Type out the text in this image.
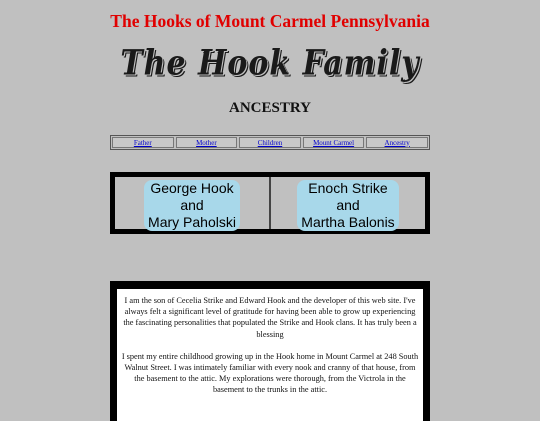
The Hooks of Mount Carmel Pennsylvania
The Hook Family
ANCESTRY
Father	Mother	Children	Mount Carmel	Ancestry
George Hook
and
Mary Paholski
Enoch Strike
and
Martha Balonis

I am the son of Cecelia Strike and Edward Hook and the developer of this web site. I've always felt a significant level of gratitude for having been able to grow up experiencing the fascinating personalities that populated the Strike and Hook clans. It has truly been a blessing

I spent my entire childhood growing up in the Hook home in Mount Carmel at 248 South Walnut Street. I was intimately familiar with every nook and cranny of that house, from the basement to the attic. My explorations were thorough, from the Victrola in the basement to the trunks in the attic.
